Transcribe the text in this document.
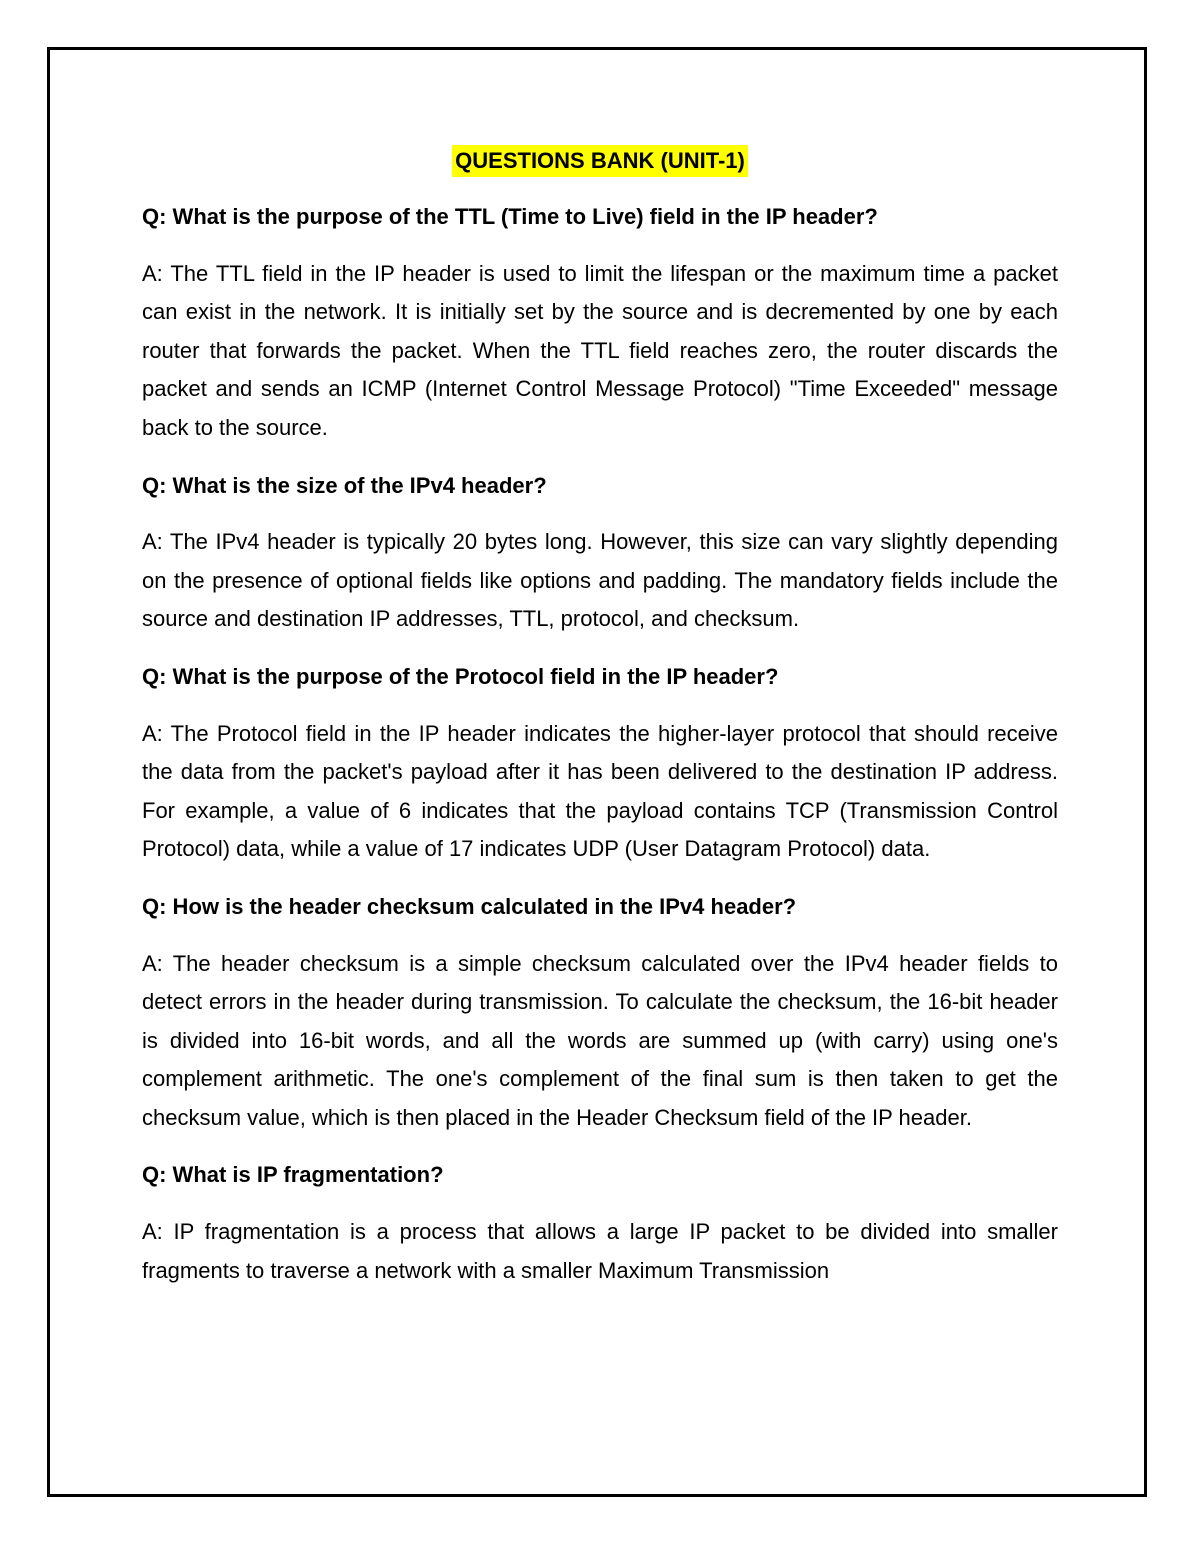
QUESTIONS BANK (UNIT-1)

Q: What is the purpose of the TTL (Time to Live) field in the IP header?

A: The TTL field in the IP header is used to limit the lifespan or the maximum time a packet can exist in the network. It is initially set by the source and is decremented by one by each router that forwards the packet. When the TTL field reaches zero, the router discards the packet and sends an ICMP (Internet Control Message Protocol) "Time Exceeded" message back to the source.

Q: What is the size of the IPv4 header?

A: The IPv4 header is typically 20 bytes long. However, this size can vary slightly depending on the presence of optional fields like options and padding. The mandatory fields include the source and destination IP addresses, TTL, protocol, and checksum.

Q: What is the purpose of the Protocol field in the IP header?

A: The Protocol field in the IP header indicates the higher-layer protocol that should receive the data from the packet's payload after it has been delivered to the destination IP address. For example, a value of 6 indicates that the payload contains TCP (Transmission Control Protocol) data, while a value of 17 indicates UDP (User Datagram Protocol) data.

Q: How is the header checksum calculated in the IPv4 header?

A: The header checksum is a simple checksum calculated over the IPv4 header fields to detect errors in the header during transmission. To calculate the checksum, the 16-bit header is divided into 16-bit words, and all the words are summed up (with carry) using one's complement arithmetic. The one's complement of the final sum is then taken to get the checksum value, which is then placed in the Header Checksum field of the IP header.

Q: What is IP fragmentation?

A: IP fragmentation is a process that allows a large IP packet to be divided into smaller fragments to traverse a network with a smaller Maximum Transmission
